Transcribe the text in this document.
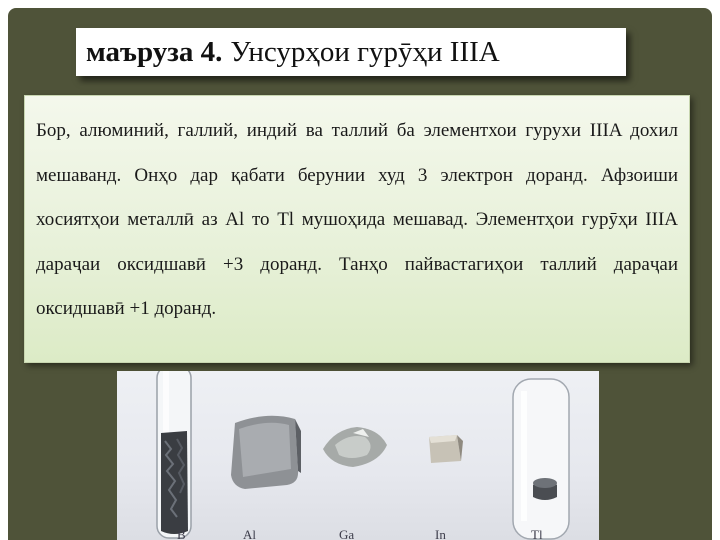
маъруза 4. Унсурҳои гурӯҳи IIIA

Бор, алюминий, галлий, индий ва таллий ба элементхои гурухи IIIA дохил мешаванд. Онҳо дар қабати берунии худ 3 электрон доранд. Афзоиши хосиятҳои металлӣ аз Al то Tl мушоҳида мешавад. Элементҳои гурӯҳи IIIA дараҷаи оксидшавӣ +3 доранд. Танҳо пайвастагиҳои таллий дараҷаи оксидшавӣ +1 доранд.

B	Al	Ga	In	Tl
